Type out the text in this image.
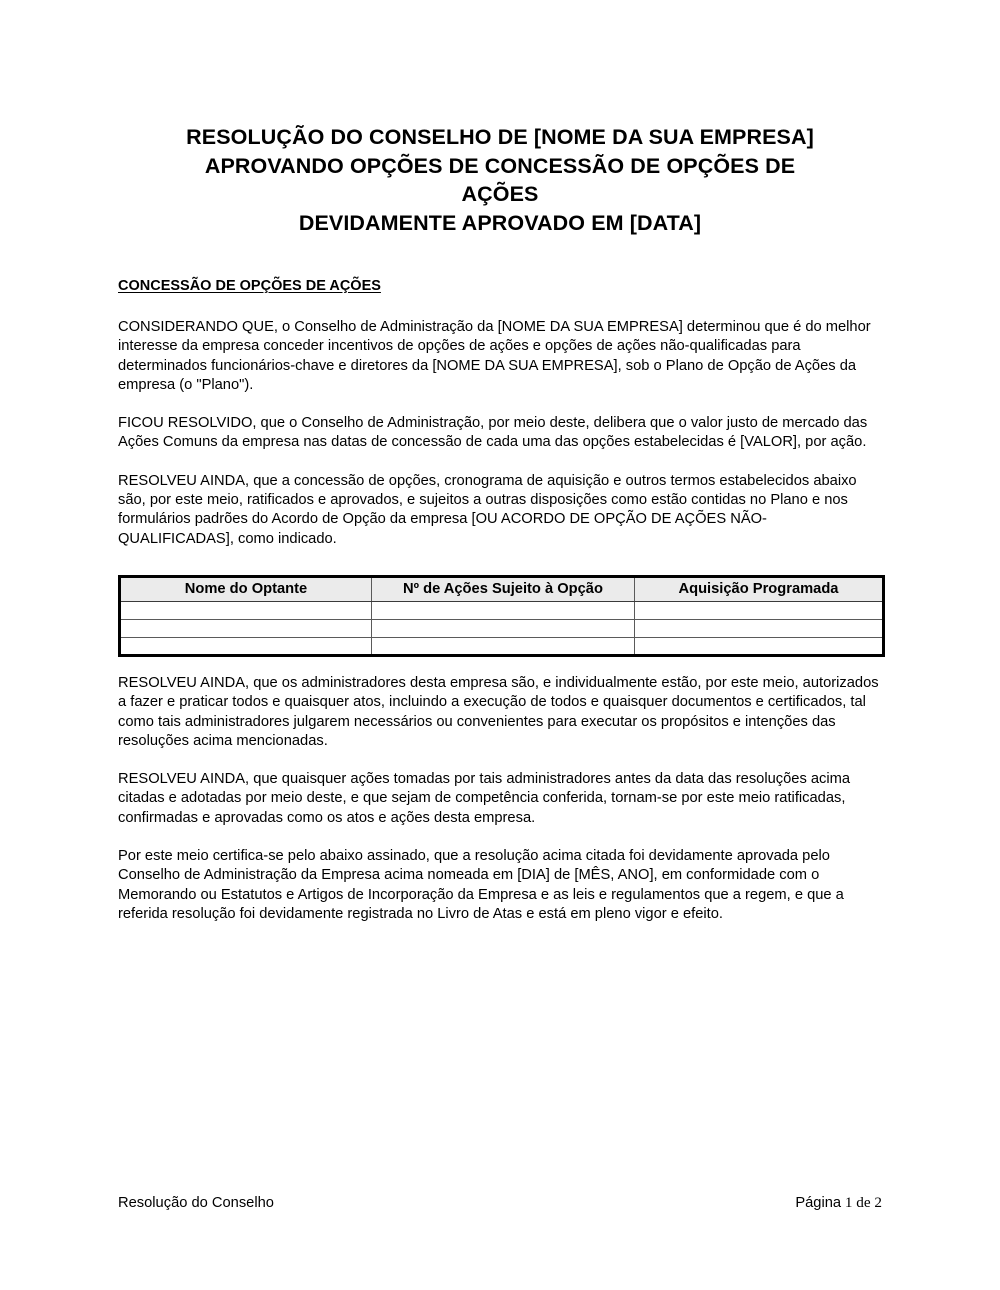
RESOLUÇÃO DO CONSELHO DE [NOME DA SUA EMPRESA]
APROVANDO OPÇÕES DE CONCESSÃO DE OPÇÕES DE
AÇÕES
DEVIDAMENTE APROVADO EM [DATA]
CONCESSÃO DE OPÇÕES DE AÇÕES

CONSIDERANDO QUE, o Conselho de Administração da [NOME DA SUA EMPRESA] determinou que é do melhor interesse da empresa conceder incentivos de opções de ações e opções de ações não-qualificadas para determinados funcionários-chave e diretores da [NOME DA SUA EMPRESA], sob o Plano de Opção de Ações da empresa (o "Plano").

FICOU RESOLVIDO, que o Conselho de Administração, por meio deste, delibera que o valor justo de mercado das Ações Comuns da empresa nas datas de concessão de cada uma das opções estabelecidas é [VALOR], por ação.

RESOLVEU AINDA, que a concessão de opções, cronograma de aquisição e outros termos estabelecidos abaixo são, por este meio, ratificados e aprovados, e sujeitos a outras disposições como estão contidas no Plano e nos formulários padrões do Acordo de Opção da empresa [OU ACORDO DE OPÇÃO DE AÇÕES NÃO-QUALIFICADAS], como indicado.

Nome do Optante	Nº de Ações Sujeito à Opção	Aquisição Programada

RESOLVEU AINDA, que os administradores desta empresa são, e individualmente estão, por este meio, autorizados a fazer e praticar todos e quaisquer atos, incluindo a execução de todos e quaisquer documentos e certificados, tal como tais administradores julgarem necessários ou convenientes para executar os propósitos e intenções das resoluções acima mencionadas.

RESOLVEU AINDA, que quaisquer ações tomadas por tais administradores antes da data das resoluções acima citadas e adotadas por meio deste, e que sejam de competência conferida, tornam-se por este meio ratificadas, confirmadas e aprovadas como os atos e ações desta empresa.

Por este meio certifica-se pelo abaixo assinado, que a resolução acima citada foi devidamente aprovada pelo Conselho de Administração da Empresa acima nomeada em [DIA] de [MÊS, ANO], em conformidade com o Memorando ou Estatutos e Artigos de Incorporação da Empresa e as leis e regulamentos que a regem, e que a referida resolução foi devidamente registrada no Livro de Atas e está em pleno vigor e efeito.

Resolução do Conselho	Página 1 de 2
